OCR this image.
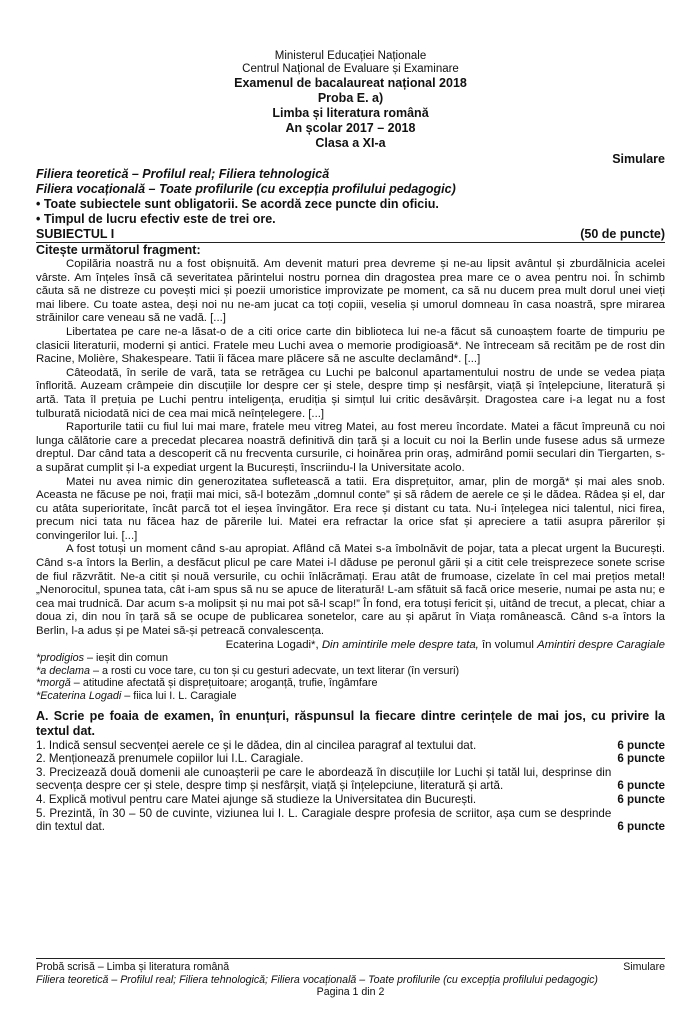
Ministerul Educației Naționale
Centrul Național de Evaluare și Examinare
Examenul de bacalaureat național 2018
Proba E. a)
Limba și literatura română
An școlar 2017 – 2018
Clasa a XI-a
Simulare
Filiera teoretică – Profilul real; Filiera tehnologică
Filiera vocațională – Toate profilurile (cu excepția profilului pedagogic)
• Toate subiectele sunt obligatorii. Se acordă zece puncte din oficiu.
• Timpul de lucru efectiv este de trei ore.
SUBIECTUL I	(50 de puncte)
Citește următorul fragment:

Copilăria noastră nu a fost obișnuită. Am devenit maturi prea devreme și ne-au lipsit avântul și zburdălnicia acelei vârste. Am înțeles însă că severitatea părintelui nostru pornea din dragostea prea mare ce o avea pentru noi. În schimb căuta să ne distreze cu povești mici și poezii umoristice improvizate pe moment, ca să nu ducem prea mult dorul unei vieți mai libere. Cu toate astea, deși noi nu ne-am jucat ca toți copiii, veselia și umorul domneau în casa noastră, spre mirarea străinilor care veneau să ne vadă. [...]

Libertatea pe care ne-a lăsat-o de a citi orice carte din biblioteca lui ne-a făcut să cunoaștem foarte de timpuriu pe clasicii literaturii, moderni și antici. Fratele meu Luchi avea o memorie prodigioasă*. Ne întreceam să recităm pe de rost din Racine, Molière, Shakespeare. Tatii îi făcea mare plăcere să ne asculte declamând*. [...]

Câteodată, în serile de vară, tata se retrăgea cu Luchi pe balconul apartamentului nostru de unde se vedea piața înflorită. Auzeam crâmpeie din discuțiile lor despre cer și stele, despre timp și nesfârșit, viață și înțelepciune, literatură și artă. Tata îl prețuia pe Luchi pentru inteligența, erudiția și simțul lui critic desăvârșit. Dragostea care i-a legat nu a fost tulburată niciodată nici de cea mai mică neînțelegere. [...]

Raporturile tatii cu fiul lui mai mare, fratele meu vitreg Matei, au fost mereu încordate. Matei a făcut împreună cu noi lunga călătorie care a precedat plecarea noastră definitivă din țară și a locuit cu noi la Berlin unde fusese adus să urmeze dreptul. Dar când tata a descoperit că nu frecventa cursurile, ci hoinărea prin oraș, admirând pomii seculari din Tiergarten, s-a supărat cumplit și l-a expediat urgent la București, înscriindu-l la Universitate acolo.

Matei nu avea nimic din generozitatea sufletească a tatii. Era disprețuitor, amar, plin de morgă* și mai ales snob. Aceasta ne făcuse pe noi, frații mai mici, să-l botezăm „domnul conte” și să râdem de aerele ce și le dădea. Râdea și el, dar cu atâta superioritate, încât parcă tot el ieșea învingător. Era rece și distant cu tata. Nu-i înțelegea nici talentul, nici firea, precum nici tata nu făcea haz de părerile lui. Matei era refractar la orice sfat și apreciere a tatii asupra părerilor și convingerilor lui. [...]

A fost totuși un moment când s-au apropiat. Aflând că Matei s-a îmbolnăvit de pojar, tata a plecat urgent la București. Când s-a întors la Berlin, a desfăcut plicul pe care Matei i-l dăduse pe peronul gării și a citit cele treisprezece sonete scrise de fiul răzvrătit. Ne-a citit și nouă versurile, cu ochii înlăcrămați. Erau atât de frumoase, cizelate în cel mai prețios metal! „Nenorocitul, spunea tata, cât i-am spus să nu se apuce de literatură! L-am sfătuit să facă orice meserie, numai pe asta nu; e cea mai trudnică. Dar acum s-a molipsit și nu mai pot să-l scap!” În fond, era totuși fericit și, uitând de trecut, a plecat, chiar a doua zi, din nou în țară să se ocupe de publicarea sonetelor, care au și apărut în Viața românească. Când s-a întors la Berlin, l-a adus și pe Matei să-și petreacă convalescența.

Ecaterina Logadi*, Din amintirile mele despre tata, în volumul Amintiri despre Caragiale
*prodigios – ieșit din comun
*a declama – a rosti cu voce tare, cu ton și cu gesturi adecvate, un text literar (în versuri)
*morgă – atitudine afectată și disprețuitoare; aroganță, trufie, îngâmfare
*Ecaterina Logadi – fiica lui I. L. Caragiale
A. Scrie pe foaia de examen, în enunțuri, răspunsul la fiecare dintre cerințele de mai jos, cu privire la textul dat.
1. Indică sensul secvenței aerele ce și le dădea, din al cincilea paragraf al textului dat.	6 puncte
2. Menționează prenumele copiilor lui I.L. Caragiale.	6 puncte
3. Precizează două domenii ale cunoașterii pe care le abordează în discuțiile lor Luchi și tatăl lui, desprinse din secvența despre cer și stele, despre timp și nesfârșit, viață și înțelepciune, literatură și artă.	6 puncte
4. Explică motivul pentru care Matei ajunge să studieze la Universitatea din București.	6 puncte
5. Prezintă, în 30 – 50 de cuvinte, viziunea lui I. L. Caragiale despre profesia de scriitor, așa cum se desprinde din textul dat.	6 puncte
Probă scrisă – Limba și literatura română	Simulare
Filiera teoretică – Profilul real; Filiera tehnologică; Filiera vocațională – Toate profilurile (cu excepția profilului pedagogic)
Pagina 1 din 2
